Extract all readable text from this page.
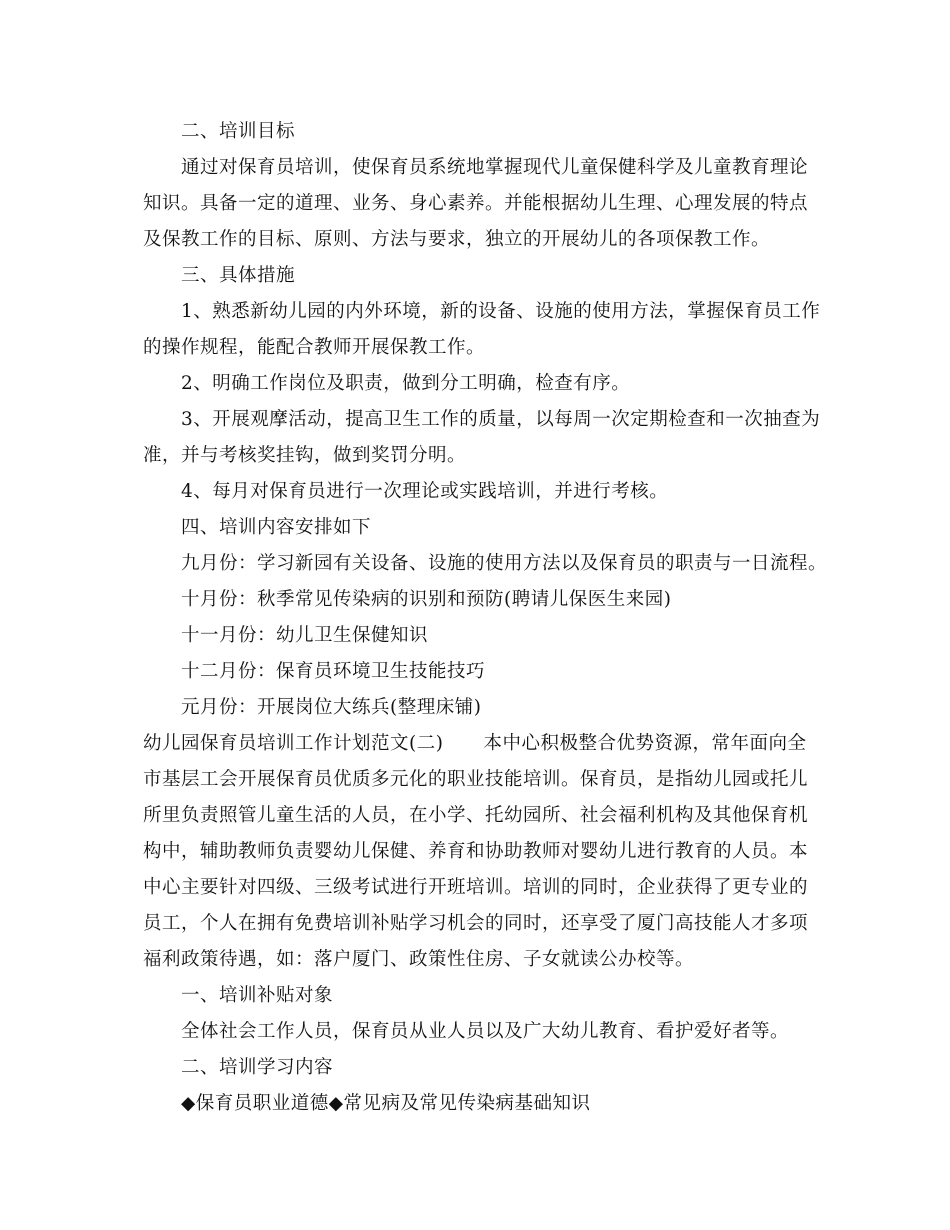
二、培训目标
通过对保育员培训，使保育员系统地掌握现代儿童保健科学及儿童教育理论
知识。具备一定的道理、业务、身心素养。并能根据幼儿生理、心理发展的特点
及保教工作的目标、原则、方法与要求，独立的开展幼儿的各项保教工作。
三、具体措施
1、熟悉新幼儿园的内外环境，新的设备、设施的使用方法，掌握保育员工作
的操作规程，能配合教师开展保教工作。
2、明确工作岗位及职责，做到分工明确，检查有序。
3、开展观摩活动，提高卫生工作的质量，以每周一次定期检查和一次抽查为
准，并与考核奖挂钩，做到奖罚分明。
4、每月对保育员进行一次理论或实践培训，并进行考核。
四、培训内容安排如下
九月份：学习新园有关设备、设施的使用方法以及保育员的职责与一日流程。
十月份：秋季常见传染病的识别和预防(聘请儿保医生来园)
十一月份：幼儿卫生保健知识
十二月份：保育员环境卫生技能技巧
元月份：开展岗位大练兵(整理床铺)
幼儿园保育员培训工作计划范文(二) 本中心积极整合优势资源，常年面向全
市基层工会开展保育员优质多元化的职业技能培训。保育员，是指幼儿园或托儿
所里负责照管儿童生活的人员，在小学、托幼园所、社会福利机构及其他保育机
构中，辅助教师负责婴幼儿保健、养育和协助教师对婴幼儿进行教育的人员。本
中心主要针对四级、三级考试进行开班培训。培训的同时，企业获得了更专业的
员工，个人在拥有免费培训补贴学习机会的同时，还享受了厦门高技能人才多项
福利政策待遇，如：落户厦门、政策性住房、子女就读公办校等。
一、培训补贴对象
全体社会工作人员，保育员从业人员以及广大幼儿教育、看护爱好者等。
二、培训学习内容
◆保育员职业道德◆常见病及常见传染病基础知识
